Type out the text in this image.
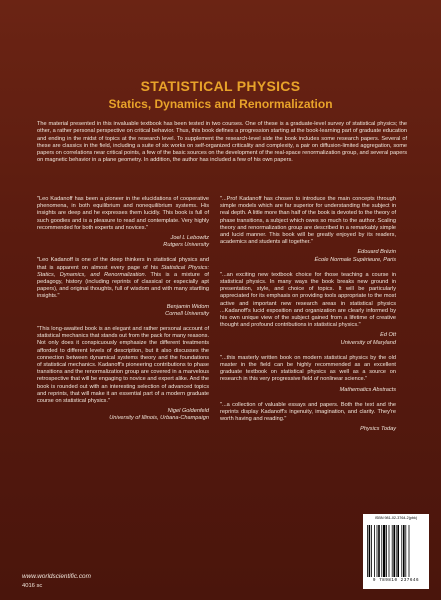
STATISTICAL PHYSICS
Statics, Dynamics and Renormalization

The material presented in this invaluable textbook has been tested in two courses. One of these is a graduate-level survey of statistical physics; the other, a rather personal perspective on critical behavior. Thus, this book defines a progression starting at the book-learning part of graduate education and ending in the midst of topics at the research level. To supplement the research-level side the book includes some research papers. Several of these are classics in the field, including a suite of six works on self-organized criticality and complexity, a pair on diffusion-limited aggregation, some papers on correlations near critical points, a few of the basic sources on the development of the real-space renormalization group, and several papers on magnetic behavior in a plane geometry. In addition, the author has included a few of his own papers.

"Leo Kadanoff has been a pioneer in the elucidations of cooperative phenomena, in both equilibrium and nonequilibrium systems. His insights are deep and he expresses them lucidly. This book is full of such goodies and is a pleasure to read and contemplate. Very highly recommended for both experts and novices."

Joel L Lebowitz
Rutgers University

"Leo Kadanoff is one of the deep thinkers in statistical physics and that is apparent on almost every page of his Statistical Physics: Statics, Dynamics, and Renormalization. This is a mixture of pedagogy, history (including reprints of classical or especially apt papers), and original thoughts, full of wisdom and with many startling insights."

Benjamin Widom
Cornell University

"This long-awaited book is an elegant and rather personal account of statistical mechanics that stands out from the pack for many reasons. Not only does it conspicuously emphasize the different treatments afforded to different levels of description, but it also discusses the connection between dynamical systems theory and the foundations of statistical mechanics. Kadanoff's pioneering contributions to phase transitions and the renormalization group are covered in a marvelous retrospective that will be engaging to novice and expert alike. And the book is rounded out with an interesting selection of advanced topics and reprints, that will make it an essential part of a modern graduate course on statistical physics."

Nigel Goldenfeld
University of Illinois, Urbana-Champaign

"...Prof Kadanoff has chosen to introduce the main concepts through simple models which are far superior for understanding the subject in real depth. A little more than half of the book is devoted to the theory of phase transitions, a subject which owes so much to the author. Scaling theory and renormalization group are described in a remarkably simple and lucid manner. This book will be greatly enjoyed by its readers, academics and students all together."

Edouard Brézin
École Normale Supérieure, Paris

"...an exciting new textbook choice for those teaching a course in statistical physics. In many ways the book breaks new ground in presentation, style, and choice of topics. It will be particularly appreciated for its emphasis on providing tools appropriate to the most active and important new research areas in statistical physics ...Kadanoff's lucid exposition and organization are clearly informed by his own unique view of the subject gained from a lifetime of creative thought and profound contributions in statistical physics."

Ed Ott
University of Maryland

"...this masterly written book on modern statistical physics by the old master in the field can be highly recommended as an excellent graduate textbook on statistical physics as well as a source on research in this very progressive field of nonlinear science."

Mathematics Abstracts

"...a collection of valuable essays and papers. Both the text and the reprints display Kadanoff's ingenuity, imagination, and clarity. They're worth having and reading."

Physics Today
www.worldscientific.com
4016 sc
ISBN 981-02-3764-2(pbk)
9 789810 237646
